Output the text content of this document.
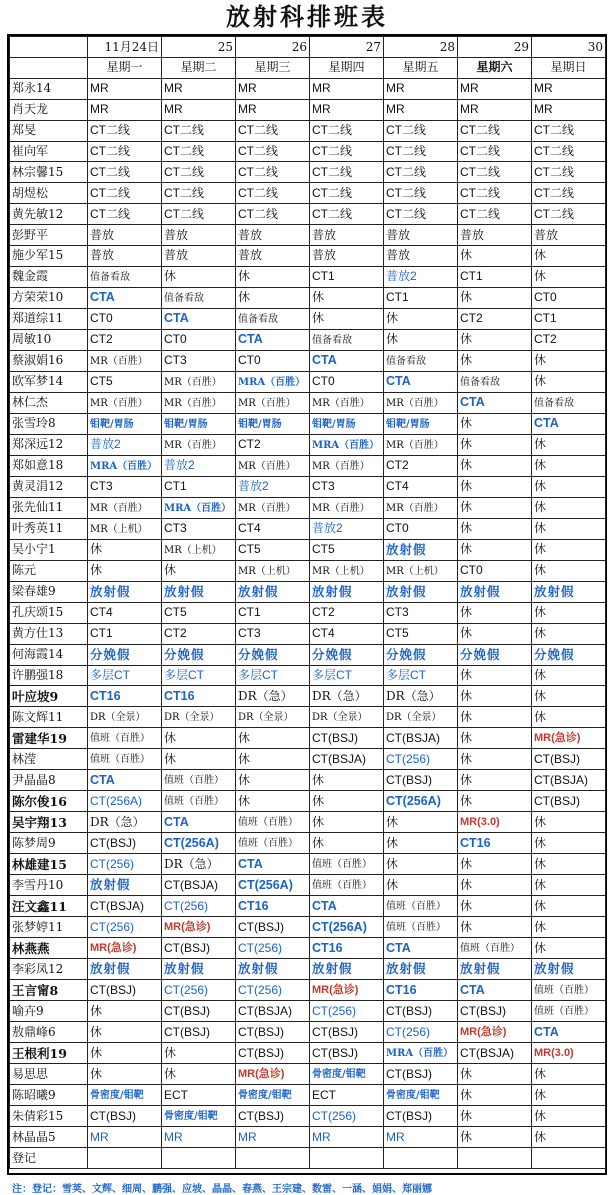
放射科排班表
	11月24日	25	26	27	28	29	30
	星期一	星期二	星期三	星期四	星期五	星期六	星期日
郑永14	MR	MR	MR	MR	MR	MR	MR
肖天龙	MR	MR	MR	MR	MR	MR	MR
郑旻	CT二线	CT二线	CT二线	CT二线	CT二线	CT二线	CT二线
崔向军	CT二线	CT二线	CT二线	CT二线	CT二线	CT二线	CT二线
林宗馨15	CT二线	CT二线	CT二线	CT二线	CT二线	CT二线	CT二线
胡煜松	CT二线	CT二线	CT二线	CT二线	CT二线	CT二线	CT二线
黄先敏12	CT二线	CT二线	CT二线	CT二线	CT二线	CT二线	CT二线
彭野平	普放	普放	普放	普放	普放	普放	普放
施少军15	普放	普放	普放	普放	普放	休	休
魏金霞	值备看敌	休	休	CT1	普放2	CT1	休
方荣荣10	CTA	值备看敌	休	休	CT1	休	CT0
郑道综11	CT0	CTA	值备看敌	休	休	CT2	CT1
周敏10	CT2	CT0	CTA	值备看敌	休	休	CT2
蔡淑娟16	MR（百胜）	CT3	CT0	CTA	值备看敌	休	休
欧军梦14	CT5	MR（百胜）	MRA（百胜）	CT0	CTA	值备看敌	休
林仁杰	MR（百胜）	MR（百胜）	MR（百胜）	MR（百胜）	MR（百胜）	CTA	值备看敌
张雪玲8	钼靶/胃肠	钼靶/胃肠	钼靶/胃肠	钼靶/胃肠	钼靶/胃肠	休	CTA
郑深远12	普放2	MR（百胜）	CT2	MRA（百胜）	MR（百胜）	休	休
郑如意18	MRA（百胜）	普放2	MR（百胜）	MR（百胜）	CT2	休	休
黄灵涓12	CT3	CT1	普放2	CT3	CT4	休	休
张先仙11	MR（百胜）	MRA（百胜）	MR（百胜）	MR（百胜）	MR（百胜）	休	休
叶秀英11	MR（上机）	CT3	CT4	普放2	CT0	休	休
吴小宁1	休	MR（上机）	CT5	CT5	放射假	休	休
陈元	休	休	MR（上机）	MR（上机）	MR（上机）	CT0	休
梁春雄9	放射假	放射假	放射假	放射假	放射假	放射假	放射假
孔庆颂15	CT4	CT5	CT1	CT2	CT3	休	休
黄方仕13	CT1	CT2	CT3	CT4	CT5	休	休
何海霞14	分娩假	分娩假	分娩假	分娩假	分娩假	分娩假	分娩假
许鹏强18	多层CT	多层CT	多层CT	多层CT	多层CT	休	休
叶应坡9	CT16	CT16	DR（急）	DR（急）	DR（急）	休	休
陈文辉11	DR（全景）	DR（全景）	DR（全景）	DR（全景）	DR（全景）	休	休
雷建华19	值班（百胜）	休	休	CT(BSJ)	CT(BSJA)	休	MR(急诊)
林滢	值班（百胜）	休	休	CT(BSJA)	CT(256)	休	CT(BSJ)
尹晶晶8	CTA	值班（百胜）	休	休	CT(BSJ)	休	CT(BSJA)
陈尔俊16	CT(256A)	值班（百胜）	休	休	CT(256A)	休	CT(BSJ)
吴宇翔13	DR（急）	CTA	值班（百胜）	休	休	MR(3.0)	休
陈梦周9	CT(BSJ)	CT(256A)	值班（百胜）	休	休	CT16	休
林雄建15	CT(256)	DR（急）	CTA	值班（百胜）	休	休	休
李雪丹10	放射假	CT(BSJA)	CT(256A)	值班（百胜）	休	休	休
汪文鑫11	CT(BSJA)	CT(256)	CT16	CTA	值班（百胜）	休	休
张梦婷11	CT(256)	MR(急诊)	CT(BSJ)	CT(256A)	值班（百胜）	休	休
林燕燕	MR(急诊)	CT(BSJ)	CT(256)	CT16	CTA	值班（百胜）	休
李彩凤12	放射假	放射假	放射假	放射假	放射假	放射假	放射假
王言甯8	CT(BSJ)	CT(256)	CT(256)	MR(急诊)	CT16	CTA	值班（百胜）
喻卉9	休	CT(BSJ)	CT(BSJA)	CT(256)	CT(BSJ)	CT(BSJ)	值班（百胜）
敖鼎峰6	休	CT(BSJ)	CT(BSJ)	CT(BSJ)	CT(256)	MR(急诊)	CTA
王根利19	休	休	CT(BSJ)	CT(BSJ)	MRA（百胜）	CT(BSJA)	MR(3.0)
易思思	休	休	MR(急诊)	骨密度/钼靶	CT(BSJ)	休	休
陈昭曦9	骨密度/钼靶	ECT	骨密度/钼靶	ECT	骨密度/钼靶	休	休
朱倩彩15	CT(BSJ)	骨密度/钼靶	CT(BSJ)	CT(256)	CT(BSJ)	休	休
林晶晶5	MR	MR	MR	MR	MR	休	休
登记							
注：登记：雪荚、文辉、细周、鹏强、应坡、晶晶、春燕、王宗建、数雷、一涵、娟娟、郑丽娜
